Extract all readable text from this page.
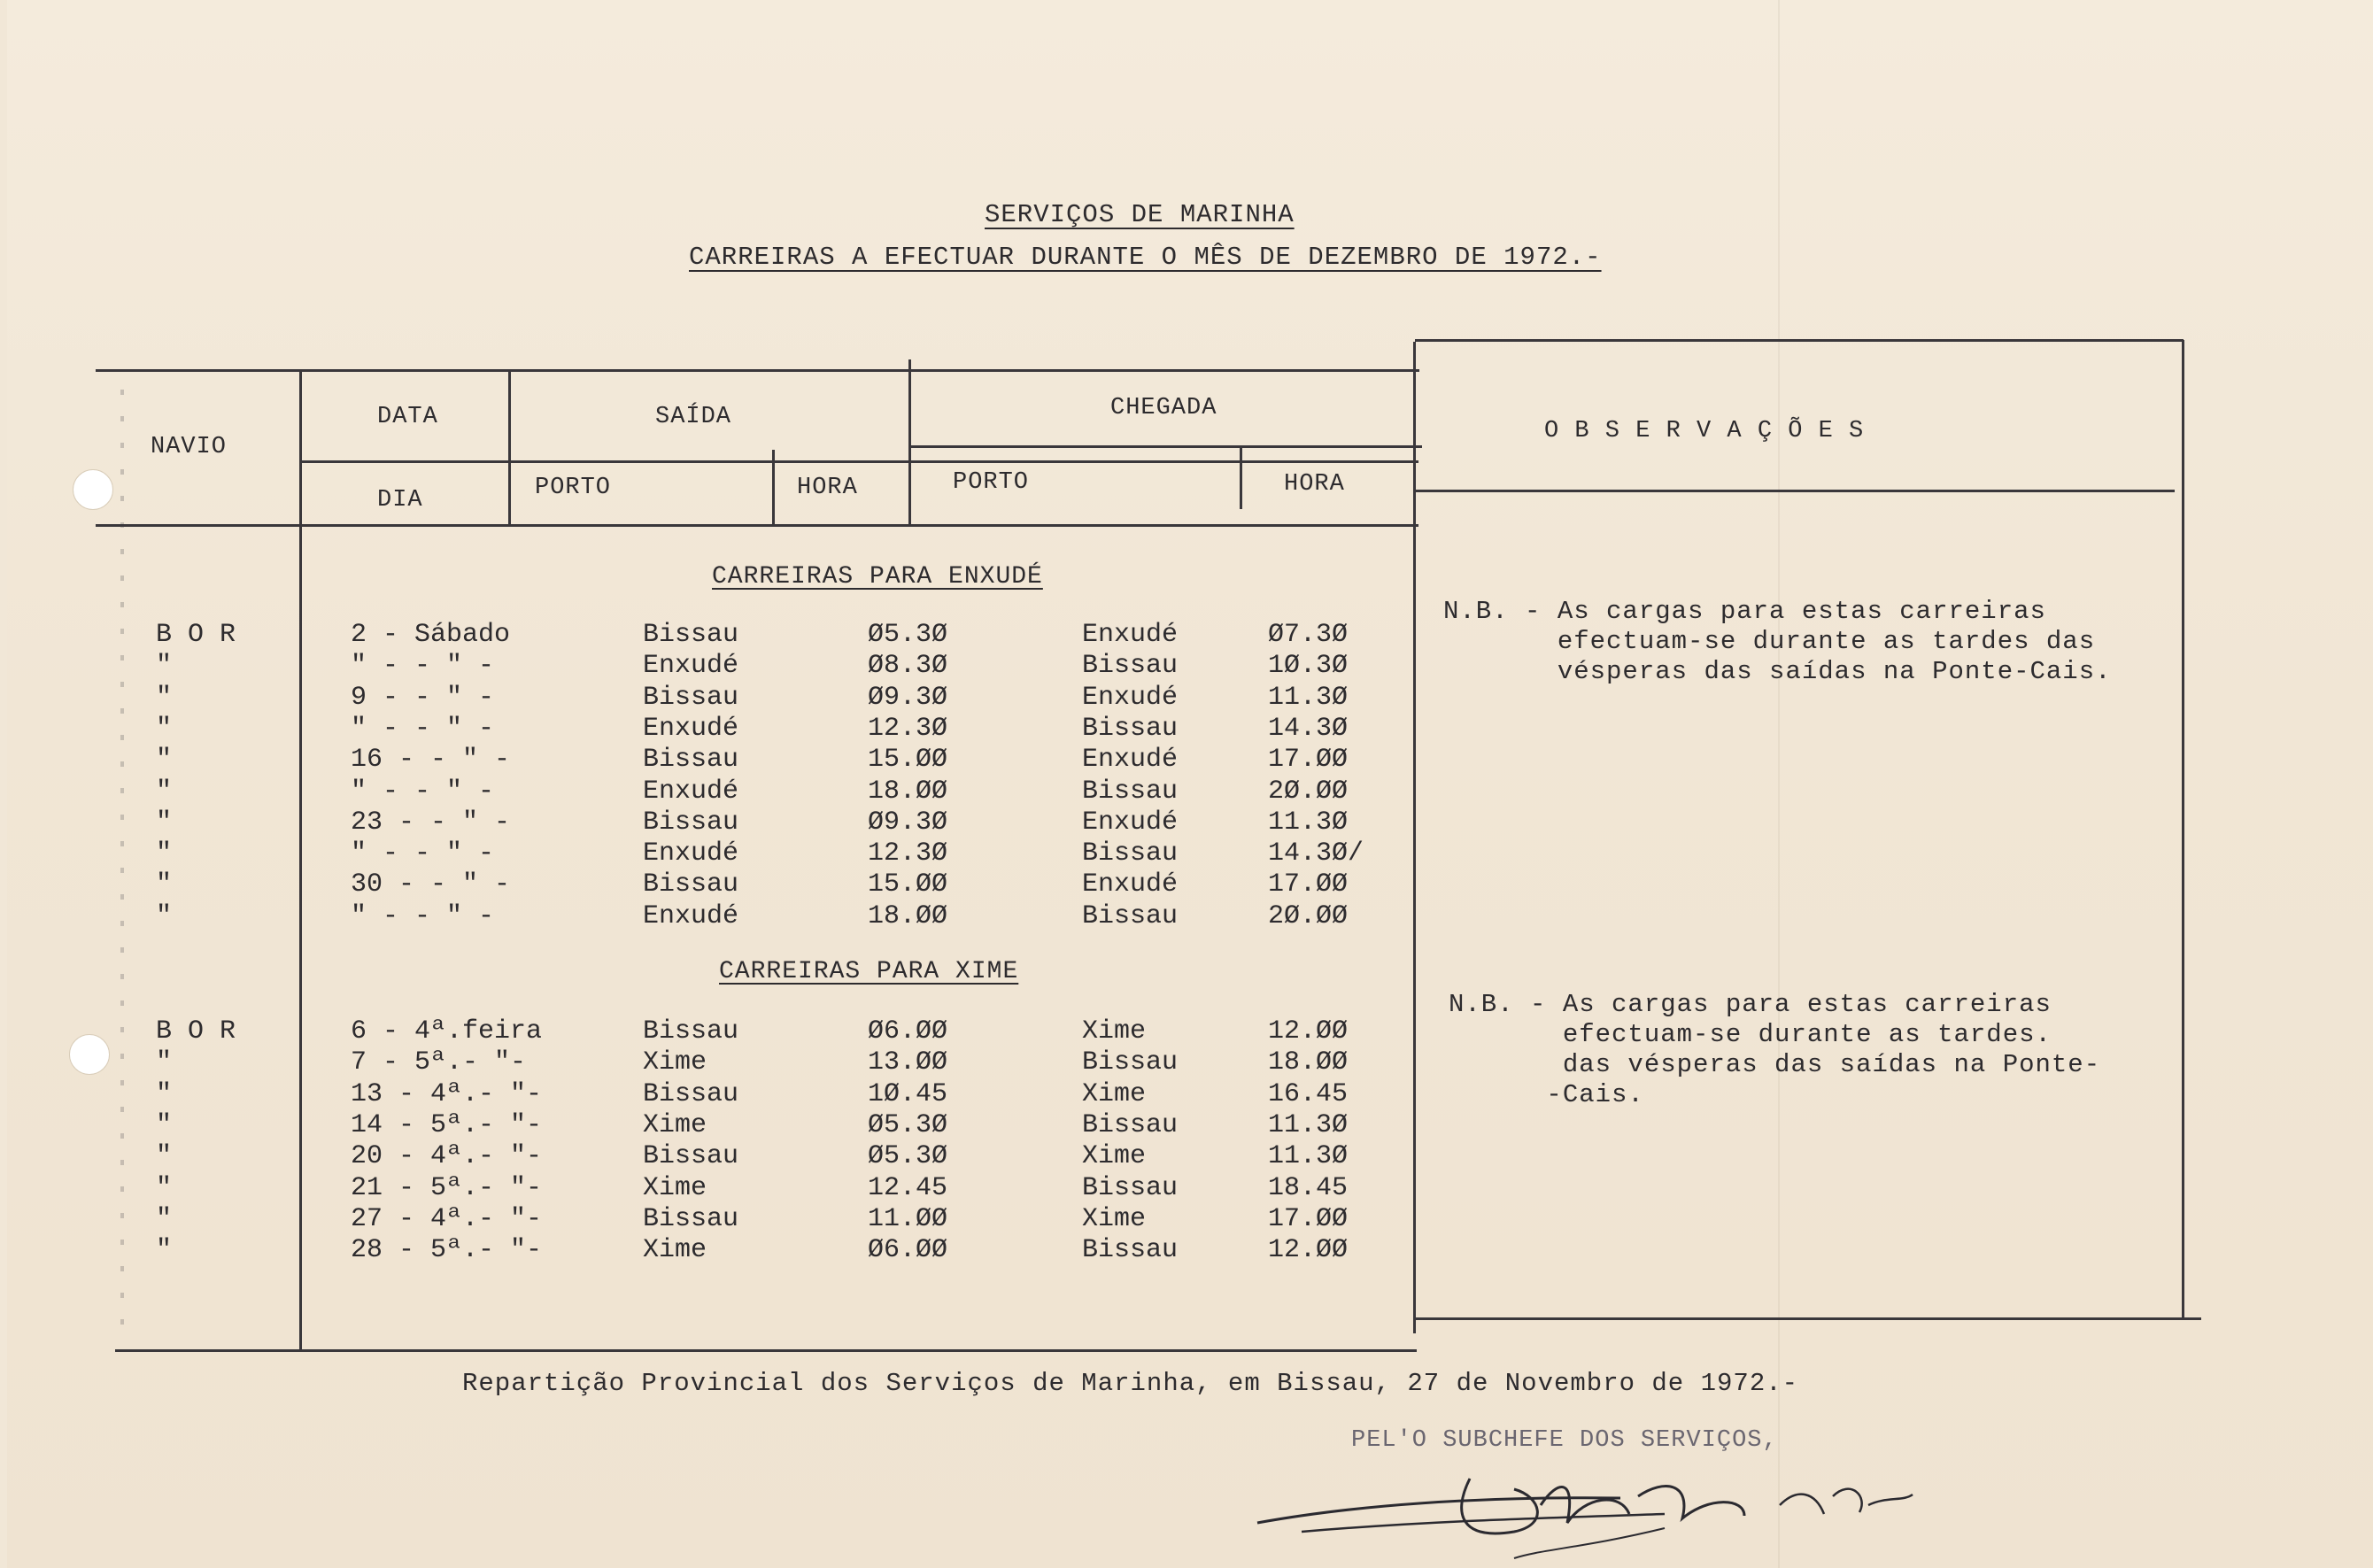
SERVIÇOS DE MARINHA
CARREIRAS A EFECTUAR DURANTE O MÊS DE DEZEMBRO DE 1972.-
NAVIO
DATA
DIA
SAÍDA	CHEGADA
PORTO	HORA	PORTO	HORA
O B S E R V A Ç Õ E S
CARREIRAS PARA ENXUDÉ
N.B. - As cargas para estas carreiras
efectuam-se durante as tardes das
vésperas das saídas na Ponte-Cais.
CARREIRAS PARA XIME
N.B. - As cargas para estas carreiras
efectuam-se durante as tardes.
das vésperas das saídas na Ponte-
-Cais.
B O R	2 - Sábado	Bissau	Ø5.3Ø	Enxudé	Ø7.3Ø
"	" - - " -	Enxudé	Ø8.3Ø	Bissau	1Ø.3Ø
"	9 - - " -	Bissau	Ø9.3Ø	Enxudé	11.3Ø
"	" - - " -	Enxudé	12.3Ø	Bissau	14.3Ø
"	16 - - " -	Bissau	15.ØØ	Enxudé	17.ØØ
"	" - - " -	Enxudé	18.ØØ	Bissau	2Ø.ØØ
"	23 - - " -	Bissau	Ø9.3Ø	Enxudé	11.3Ø
"	" - - " -	Enxudé	12.3Ø	Bissau	14.3Ø/
"	30 - - " -	Bissau	15.ØØ	Enxudé	17.ØØ
"	" - - " -	Enxudé	18.ØØ	Bissau	2Ø.ØØ
B O R	6 - 4ª.feira	Bissau	Ø6.ØØ	Xime	12.ØØ
"	7 - 5ª.- "-	Xime	13.ØØ	Bissau	18.ØØ
"	13 - 4ª.- "-	Bissau	1Ø.45	Xime	16.45
"	14 - 5ª.- "-	Xime	Ø5.3Ø	Bissau	11.3Ø
"	20 - 4ª.- "-	Bissau	Ø5.3Ø	Xime	11.3Ø
"	21 - 5ª.- "-	Xime	12.45	Bissau	18.45
"	27 - 4ª.- "-	Bissau	11.ØØ	Xime	17.ØØ
"	28 - 5ª.- "-	Xime	Ø6.ØØ	Bissau	12.ØØ
Repartição Provincial dos Serviços de Marinha, em Bissau, 27 de Novembro de 1972.-
PEL'O SUBCHEFE DOS SERVIÇOS,
